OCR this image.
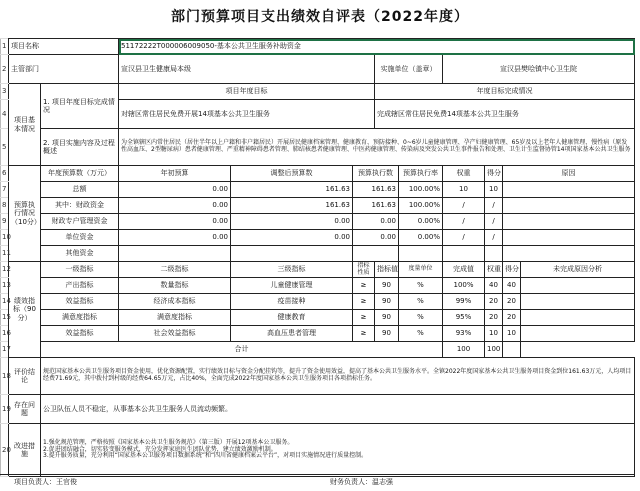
部门预算项目支出绩效自评表（2022年度）
1	项目名称		51172222T000006009050-基本公共卫生服务补助资金								
2	主管部门		宣汉县卫生健康局本级			实施单位（盖章）		宣汉县樊哙镇中心卫生院			
3	项目基本情况	1. 项目年度目标完成情况	项目年度目标			年度目标完成情况					
4			对辖区常住居民免费开展14项基本公共卫生服务			完成辖区常住居民免费14项基本公共卫生服务					
5		2. 项目实施内容及过程概述	为全镇辖区内常住居民（居住半年以上户籍和非户籍居民）开展居民健康档案管理、健康教育、预防接种、0~6岁儿童健康管理、孕产妇健康管理、65岁及以上老年人健康管理、慢性病（原发性高血压、2型糖尿病）患者健康管理、严重精神障碍患者管理、肺结核患者健康管理、中医药健康管理、传染病及突发公共卫生事件报告和处理、卫生计生监督协管14项国家基本公共卫生服务								
6	预算执行情况（10分）	年度预算数（万元）	年初预算	调整后预算数	预算执行数		预算执行率	权重	得分	原因	
7		总额	0.00	161.63	161.63		100.00%	10	10		
8		其中：财政资金	0.00	161.63	161.63		100.00%	/	/		
9		财政专户管理资金	0.00	0.00	0.00		0.00%	/	/		
10		单位资金	0.00	0.00	0.00		0.00%	/	/		
11		其他资金									
12	绩效指标（90分）	一级指标	二级指标	三级指标	指标性质	指标值	度量单位	完成值	权重	得分	未完成原因分析
13		产出指标	数量指标	儿童健康管理	≥	90	%	100%	40	40	
14		效益指标	经济成本指标	疫苗接种	≥	90	%	99%	20	20	
15		满意度指标	满意度指标	健康教育	≥	90	%	95%	20	20	
16		效益指标	社会效益指标	高血压患者管理	≥	90	%	93%	10	10	
17		合计						100	100		
18	评价结论	规范国家基本公共卫生服务项目资金使用，优化资源配置，实行绩效目标与资金分配挂钩等，提升了资金使用效益，提高了基本公共卫生服务水平。全镇2022年度国家基本公共卫生服务项目资金到位161.63万元，人均项目经费71.69元，其中拨付到村级的经费64.65万元，占比40%，全面完成2022年度国家基本公共卫生服务项目各项指标任务。									
19	存在问题	公卫队伍人员不稳定，从事基本公共卫生服务人员流动频繁。									
20	改进措施	1.强化规范管理，严格按照《国家基本公共卫生服务规范》（第三版）开展12项基本公卫服务。
2.促进团结融合，切实转变服务模式，充分发挥家庭医生团队优势，建立绩效激励机制。
3.提升服务质量，充分利用“国家基本公卫服务项目数据系统”和“四川省健康档案云平台”，对项目实施情况进行质量控制。									
项目负责人：王官俊	财务负责人：温志强
